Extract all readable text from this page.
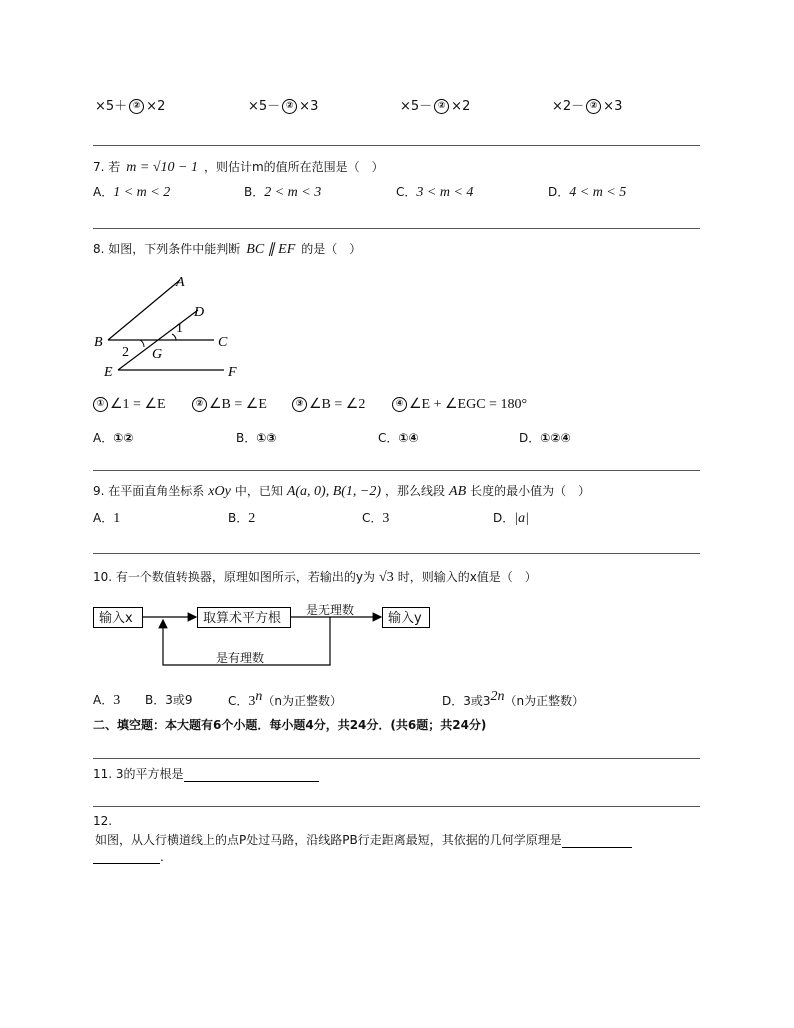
×5＋ ② ×2	×5－ ② ×3	×5－ ② ×2	×2－ ② ×3
7. 若 m = √10 − 1 ，则估计m的值所在范围是（　）
A．1 < m < 2	B．2 < m < 3	C．3 < m < 4	D．4 < m < 5
8. 如图，下列条件中能判断 BC ∥ EF 的是（　）
A
B	C
D
E	F
G
1
2
① ∠1 = ∠E	② ∠B = ∠E	③ ∠B = ∠2	④ ∠E + ∠EGC = 180°
A．①②	B．①③	C．①④	D．①②④
9. 在平面直角坐标系 xOy 中，已知 A(a, 0), B(1, −2) ，那么线段 AB 长度的最小值为（　）
A．1	B．2	C．3	D．|a|
10. 有一个数值转换器，原理如图所示，若输出的y为 √3 时，则输入的x值是（　）
输入x	取算术平方根	输入y
是无理数
是有理数
A．3 B．3或9	C．3$^n$（n为正整数）	D．3或$3^{2n}(n$为正整数）
二、填空题：本大题有6个小题．每小题4分，共24分．(共6题；共24分)
11. 3的平方根是
12.
如图，从人行横道线上的点P处过马路，沿线路PB行走距离最短，其依据的几何学原理是
.
